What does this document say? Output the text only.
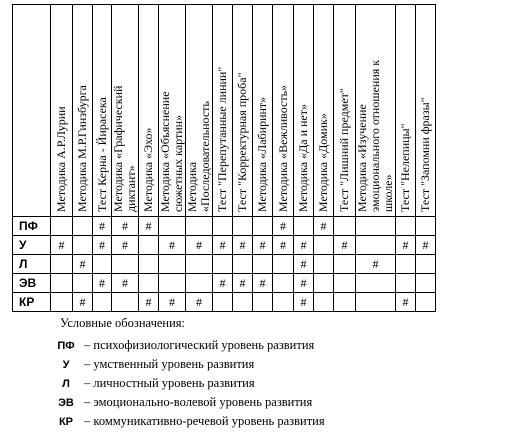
	Методика А.Р.Лурии	Методика М.Р.Гинзбурга	Тест Керна - Йирасека	Методика «Графический
диктант»	Методика «Эхо»	Методика «Объяснение
сюжетных картин»	Методика
«Последовательность	Тест "Перепутанные линии"	Тест "Корректурная проба"	Методика «Лабиринт»	Методика «Вежливость»	Методика «Да и нет»	Методика «Домик»	Тест "Лишний предмет"	Методика «Изучение
эмоционального отношения к
школе»	Тест "Нелепицы"	Тест "Запомни фразы"

ПФ			#	#	#						#		#				
У	#		#	#		#	#	#	#	#	#	#		#		#	#
Л		#										#			#		
ЭВ			#	#				#	#	#		#					
КР		#			#	#	#					#				#	
Условные обозначения:
ПФ – психофизиологический уровень развития
У	– умственный уровень развития
Л	– личностный уровень развития
ЭВ – эмоционально-волевой уровень развития
КР – коммуникативно-речевой уровень развития
